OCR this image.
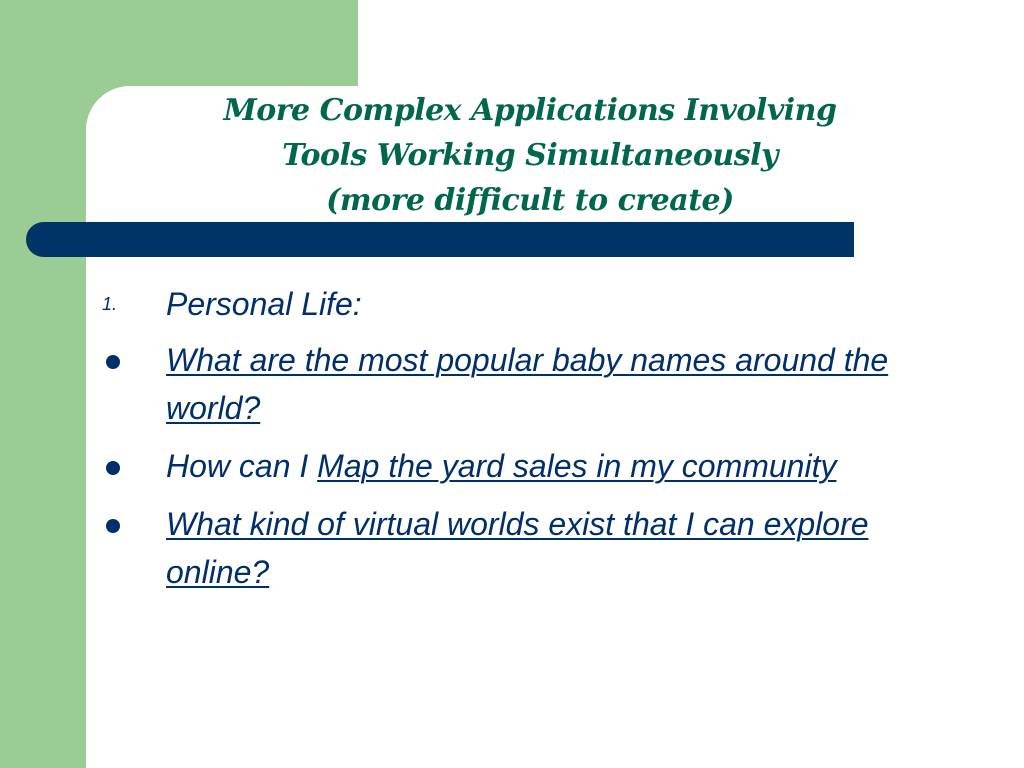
More Complex Applications Involving
Tools Working Simultaneously
(more difficult to create)
1. Personal Life:
What are the most popular baby names around the world?
How can I Map the yard sales in my community
What kind of virtual worlds exist that I can explore online?
